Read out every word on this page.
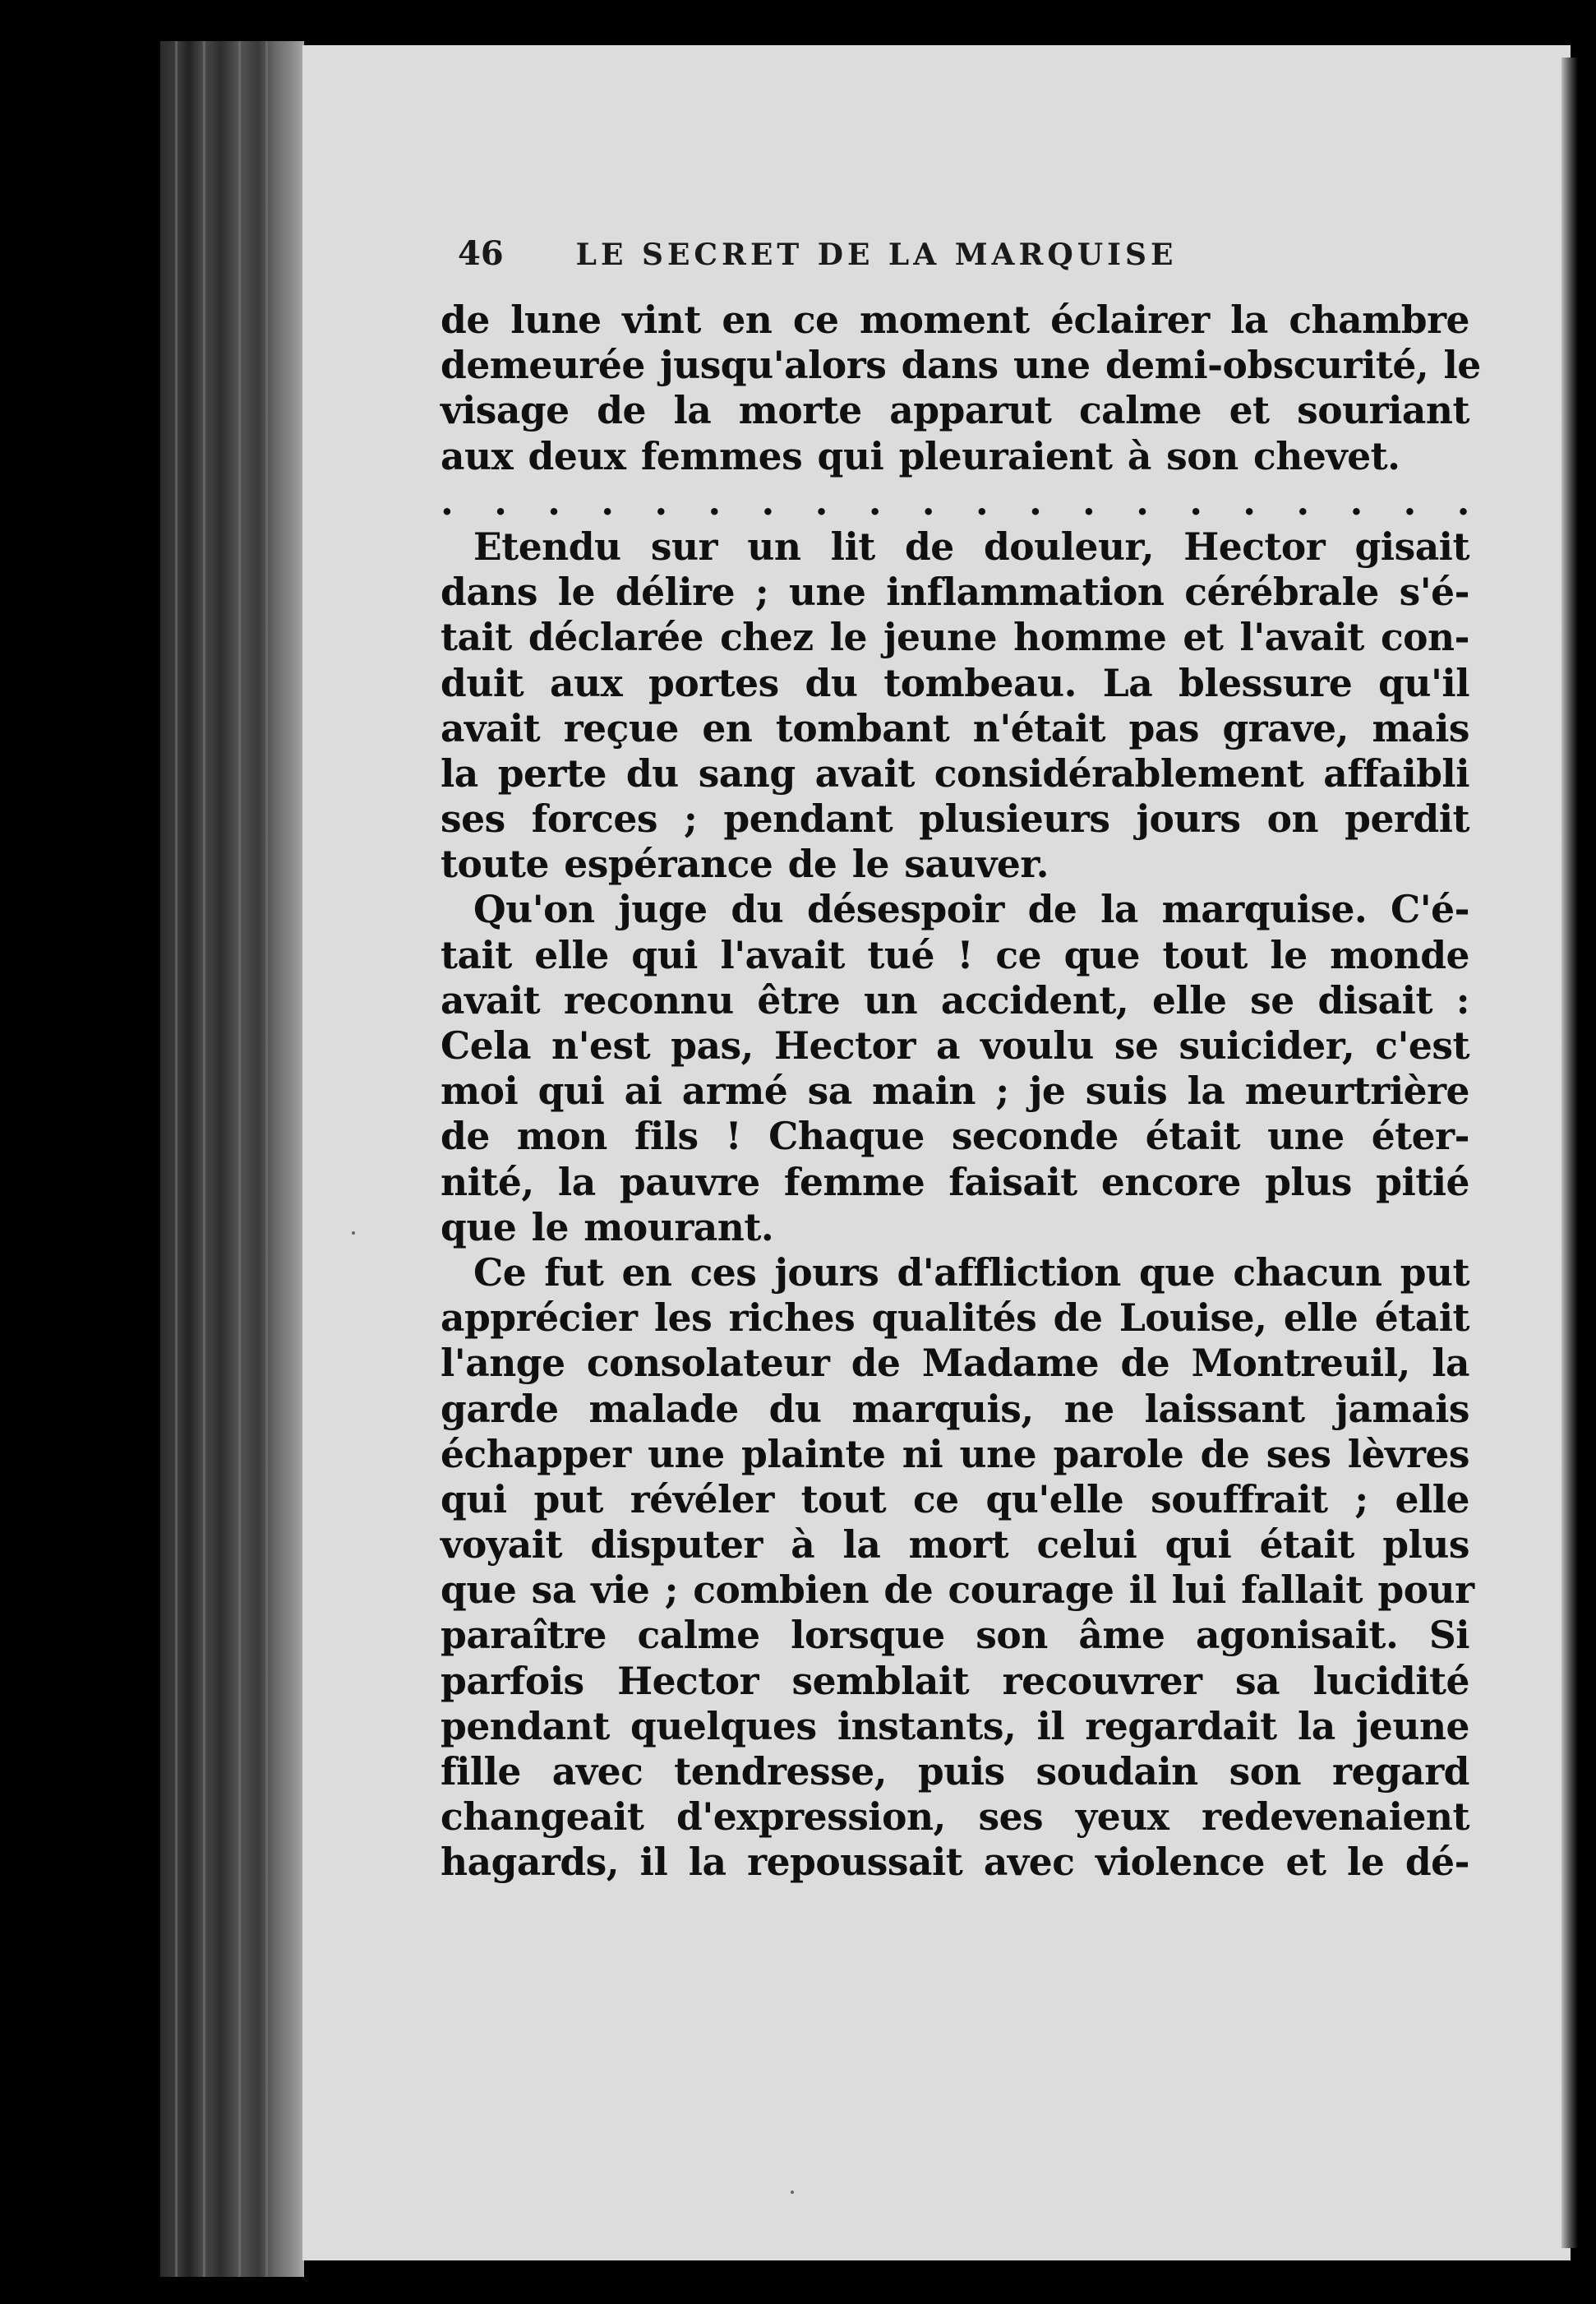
46 LE SECRET DE LA MARQUISE
de lune vint en ce moment éclairer la chambre
demeurée jusqu'alors dans une demi-obscurité, le
visage de la morte apparut calme et souriant
aux deux femmes qui pleuraient à son chevet.
. . . . . . . . . . . . . . . . . . . .
Etendu sur un lit de douleur, Hector gisait
dans le délire ; une inflammation cérébrale s'é-
tait déclarée chez le jeune homme et l'avait con-
duit aux portes du tombeau. La blessure qu'il
avait reçue en tombant n'était pas grave, mais
la perte du sang avait considérablement affaibli
ses forces ; pendant plusieurs jours on perdit
toute espérance de le sauver.
Qu'on juge du désespoir de la marquise. C'é-
tait elle qui l'avait tué ! ce que tout le monde
avait reconnu être un accident, elle se disait :
Cela n'est pas, Hector a voulu se suicider, c'est
moi qui ai armé sa main ; je suis la meurtrière
de mon fils ! Chaque seconde était une éter-
nité, la pauvre femme faisait encore plus pitié
que le mourant.
Ce fut en ces jours d'affliction que chacun put
apprécier les riches qualités de Louise, elle était
l'ange consolateur de Madame de Montreuil, la
garde malade du marquis, ne laissant jamais
échapper une plainte ni une parole de ses lèvres
qui put révéler tout ce qu'elle souffrait ; elle
voyait disputer à la mort celui qui était plus
que sa vie ; combien de courage il lui fallait pour
paraître calme lorsque son âme agonisait. Si
parfois Hector semblait recouvrer sa lucidité
pendant quelques instants, il regardait la jeune
fille avec tendresse, puis soudain son regard
changeait d'expression, ses yeux redevenaient
hagards, il la repoussait avec violence et le dé-
